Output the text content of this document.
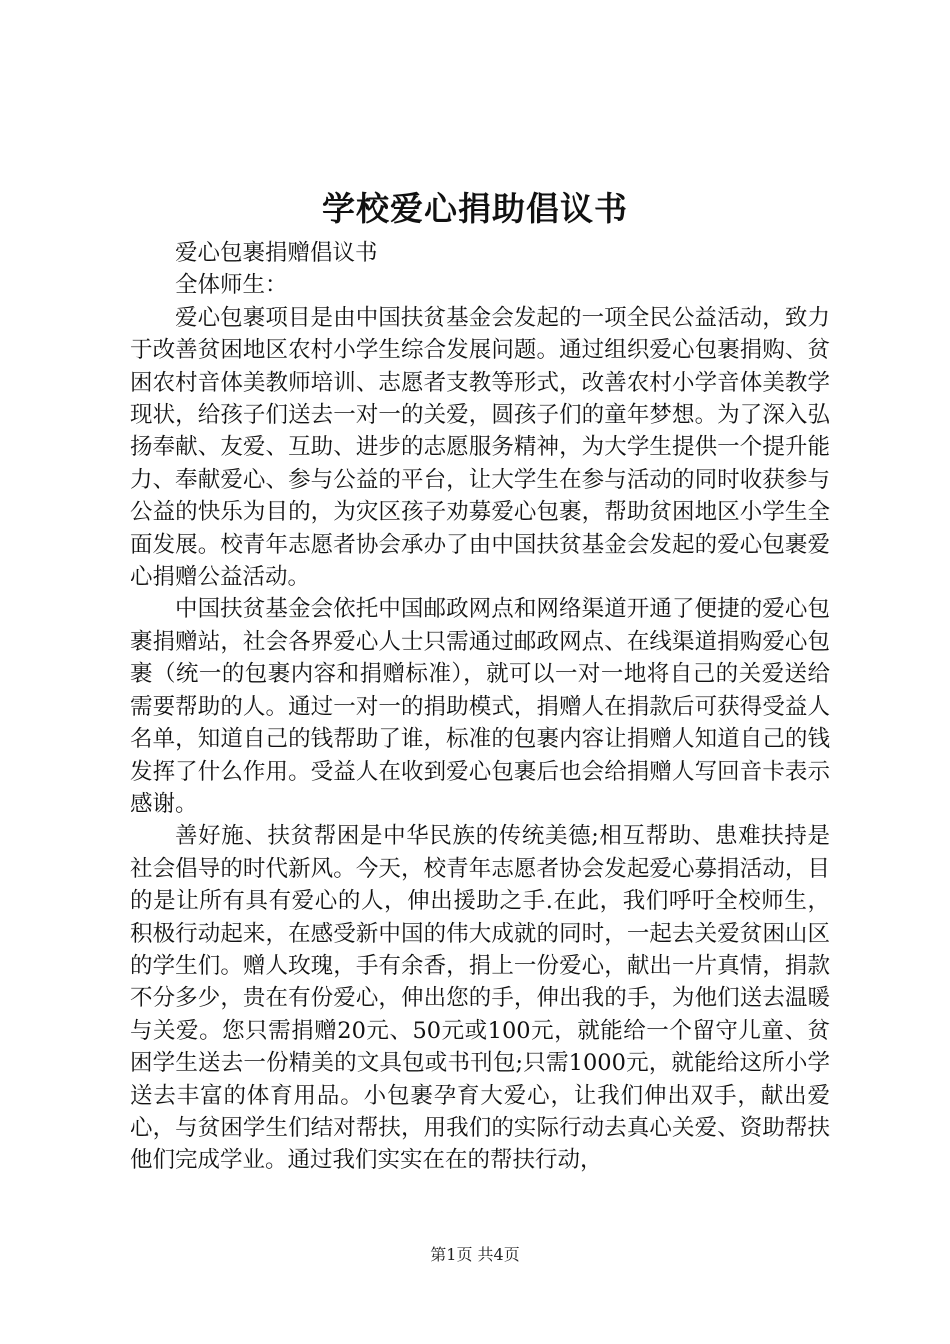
学校爱心捐助倡议书

爱心包裹捐赠倡议书

全体师生：

爱心包裹项目是由中国扶贫基金会发起的一项全民公益活动，致力于改善贫困地区农村小学生综合发展问题。通过组织爱心包裹捐购、贫困农村音体美教师培训、志愿者支教等形式，改善农村小学音体美教学现状，给孩子们送去一对一的关爱，圆孩子们的童年梦想。为了深入弘扬奉献、友爱、互助、进步的志愿服务精神，为大学生提供一个提升能力、奉献爱心、参与公益的平台，让大学生在参与活动的同时收获参与公益的快乐为目的，为灾区孩子劝募爱心包裹，帮助贫困地区小学生全面发展。校青年志愿者协会承办了由中国扶贫基金会发起的爱心包裹爱心捐赠公益活动。

中国扶贫基金会依托中国邮政网点和网络渠道开通了便捷的爱心包裹捐赠站，社会各界爱心人士只需通过邮政网点、在线渠道捐购爱心包裹（统一的包裹内容和捐赠标准），就可以一对一地将自己的关爱送给需要帮助的人。通过一对一的捐助模式，捐赠人在捐款后可获得受益人名单，知道自己的钱帮助了谁，标准的包裹内容让捐赠人知道自己的钱发挥了什么作用。受益人在收到爱心包裹后也会给捐赠人写回音卡表示感谢。

善好施、扶贫帮困是中华民族的传统美德;相互帮助、患难扶持是社会倡导的时代新风。今天，校青年志愿者协会发起爱心募捐活动，目的是让所有具有爱心的人，伸出援助之手.在此，我们呼吁全校师生，积极行动起来，在感受新中国的伟大成就的同时，一起去关爱贫困山区的学生们。赠人玫瑰，手有余香，捐上一份爱心，献出一片真情，捐款不分多少，贵在有份爱心，伸出您的手，伸出我的手，为他们送去温暖与关爱。您只需捐赠20元、50元或100元，就能给一个留守儿童、贫困学生送去一份精美的文具包或书刊包;只需1000元，就能给这所小学送去丰富的体育用品。小包裹孕育大爱心，让我们伸出双手，献出爱心，与贫困学生们结对帮扶，用我们的实际行动去真心关爱、资助帮扶他们完成学业。通过我们实实在在的帮扶行动，

第1页 共4页
